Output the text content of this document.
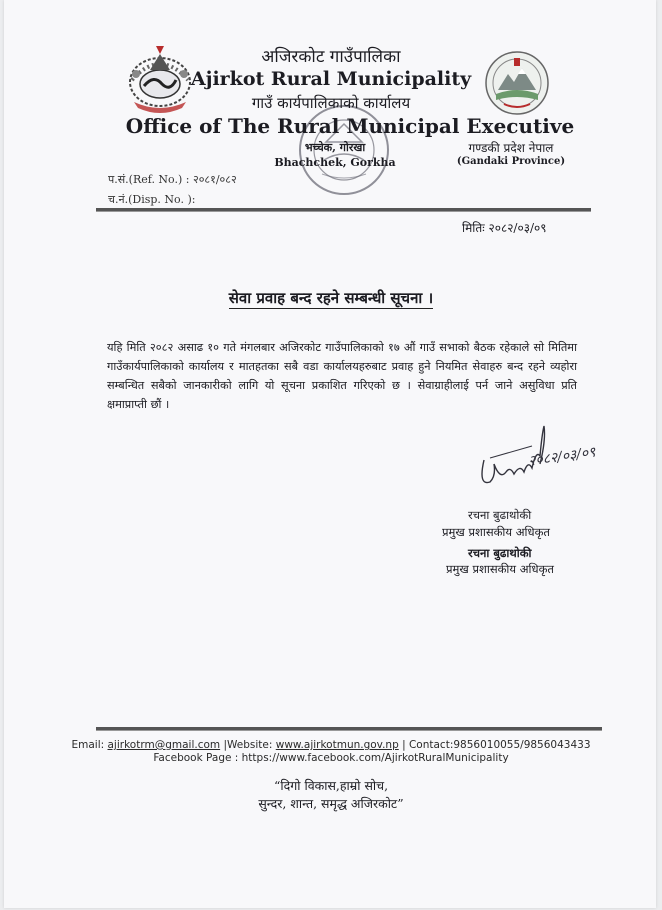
अजिरकोट गाउँपालिका
Ajirkot Rural Municipality
गाउँ कार्यपालिकाको कार्यालय
Office of The Rural Municipal Executive
भच्चेक, गोरखा
Bhachchek, Gorkha
गण्डकी प्रदेश नेपाल
(Gandaki Province)
प.सं.(Ref. No.) : २०८१/०८२
च.नं.(Disp. No. ):
मितिः २०८२/०३/०९
सेवा प्रवाह बन्द रहने सम्बन्धी सूचना ।
यहि मिति २०८२ असाढ १० गते मंगलबार अजिरकोट गाउँपालिकाको १७ औं गाउँ सभाको बैठक रहेकाले सो मितिमा गाउँकार्यपालिकाको कार्यालय र मातहतका सबै वडा कार्यालयहरुबाट प्रवाह हुने नियमित सेवाहरु बन्द रहने व्यहोरा सम्बन्धित सबैको जानकारीको लागि यो सूचना प्रकाशित गरिएको छ । सेवाग्राहीलाई पर्न जाने असुविधा प्रति क्षमाप्राप्ती छौं ।
२०८२/०३/०९
रचना बुढाथोकी
प्रमुख प्रशासकीय अधिकृत
रचना बुढाथोकी
प्रमुख प्रशासकीय अधिकृत
Email: ajirkotrm@gmail.com |Website: www.ajirkotmun.gov.np | Contact:9856010055/9856043433
Facebook Page : https://www.facebook.com/AjirkotRuralMunicipality
“दिगो विकास,हाम्रो सोच,
सुन्दर, शान्त, समृद्ध अजिरकोट”
